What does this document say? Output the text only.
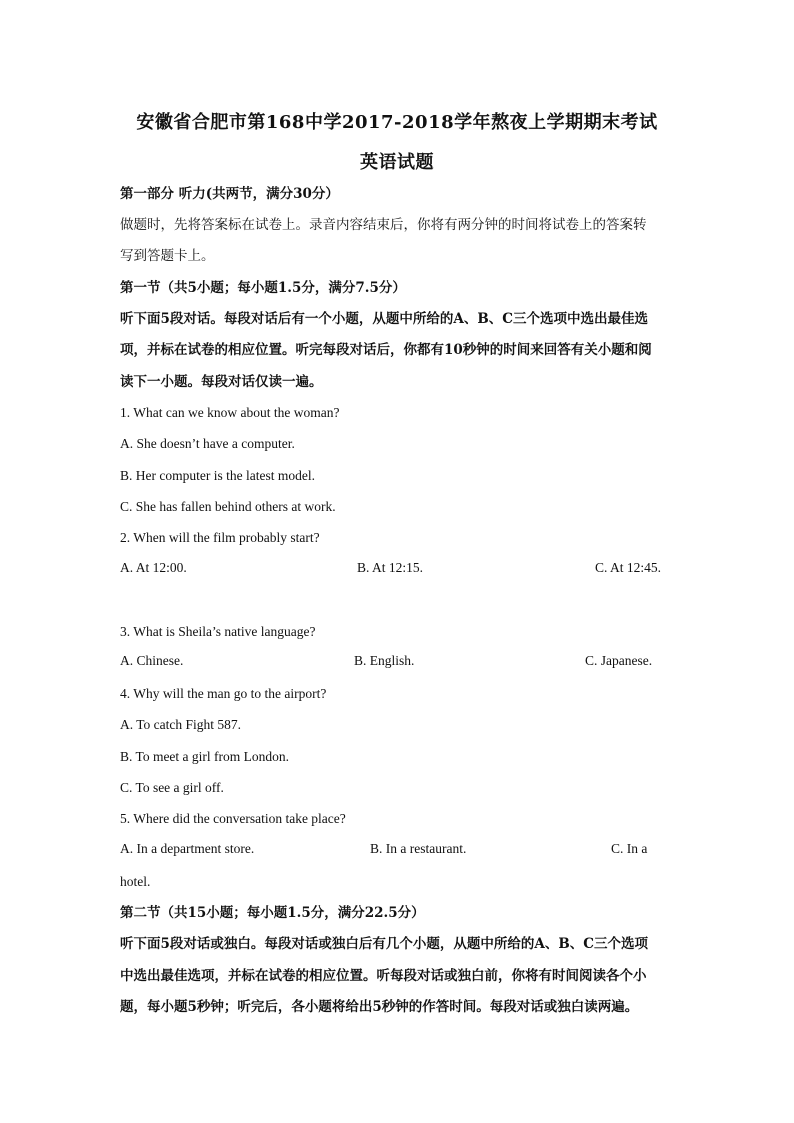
安徽省合肥市第168中学2017-2018学年熬夜上学期期末考试
英语试题
第一部分 听力(共两节，满分30分）
做题时，先将答案标在试卷上。录音内容结束后，你将有两分钟的时间将试卷上的答案转
写到答题卡上。
第一节（共5小题；每小题1.5分，满分7.5分）
听下面5段对话。每段对话后有一个小题，从题中所给的A、B、C三个选项中选出最佳选
项，并标在试卷的相应位置。听完每段对话后，你都有10秒钟的时间来回答有关小题和阅
读下一小题。每段对话仅读一遍。
1. What can we know about the woman?
A. She doesn’t have a computer.
B. Her computer is the latest model.
C. She has fallen behind others at work.
2. When will the film probably start?
A. At 12:00.	B. At 12:15.	C. At 12:45.
3. What is Sheila’s native language?
A. Chinese.	B. English.	C. Japanese.
4. Why will the man go to the airport?
A. To catch Fight 587.
B. To meet a girl from London.
C. To see a girl off.
5. Where did the conversation take place?
A. In a department store.	B. In a restaurant.	C. In a
hotel.
第二节（共15小题；每小题1.5分，满分22.5分）
听下面5段对话或独白。每段对话或独白后有几个小题，从题中所给的A、B、C三个选项
中选出最佳选项，并标在试卷的相应位置。听每段对话或独白前，你将有时间阅读各个小
题，每小题5秒钟；听完后，各小题将给出5秒钟的作答时间。每段对话或独白读两遍。
